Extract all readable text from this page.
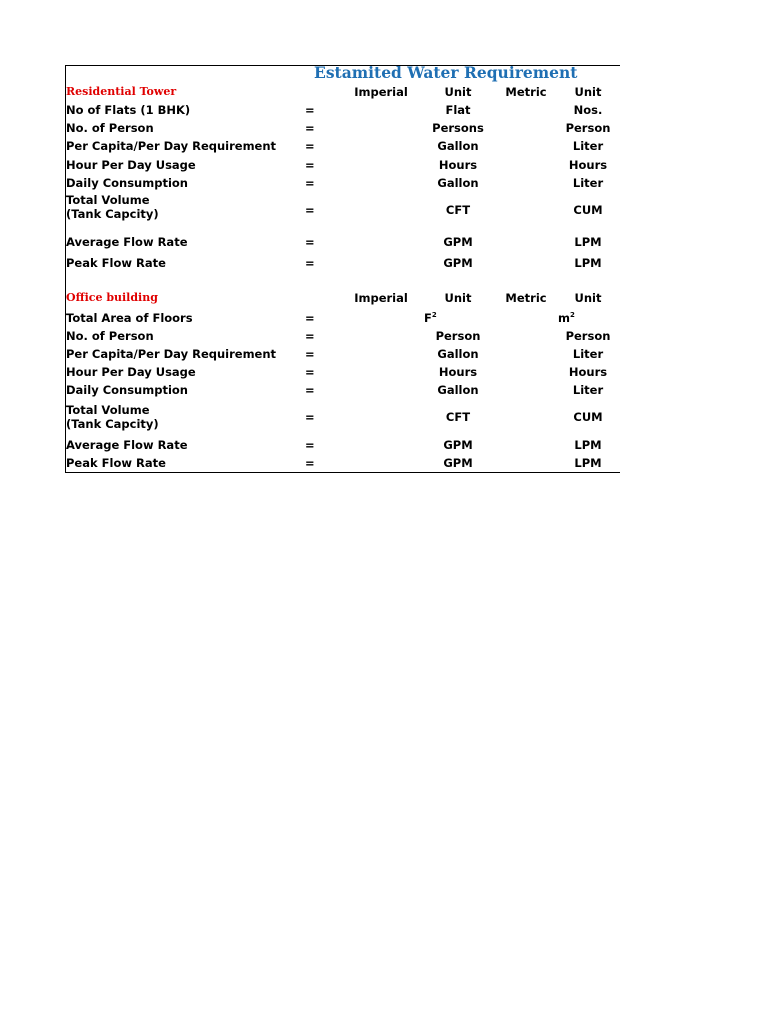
Estamited Water Requirement
Residential Tower	Imperial	Unit	Metric Unit
No of Flats (1 BHK)	=	Flat	Nos.
No. of Person	=	Persons	Person
Per Capita/Per Day Requirement	=	Gallon	Liter
Hour Per Day Usage	=	Hours	Hours
Daily Consumption	=	Gallon	Liter
Total Volume
(Tank Capcity)	=	CFT	CUM
Average Flow Rate	=	GPM	LPM
Peak Flow Rate	=	GPM	LPM
Office building	Imperial	Unit	Metric Unit
Total Area of Floors	=	$F^2$	$m^2$
No. of Person	=	Person	Person
Per Capita/Per Day Requirement	=	Gallon	Liter
Hour Per Day Usage	=	Hours	Hours
Daily Consumption	=	Gallon	Liter
Total Volume
(Tank Capcity)	=	CFT	CUM
Average Flow Rate	=	GPM	LPM
Peak Flow Rate	=	GPM	LPM
